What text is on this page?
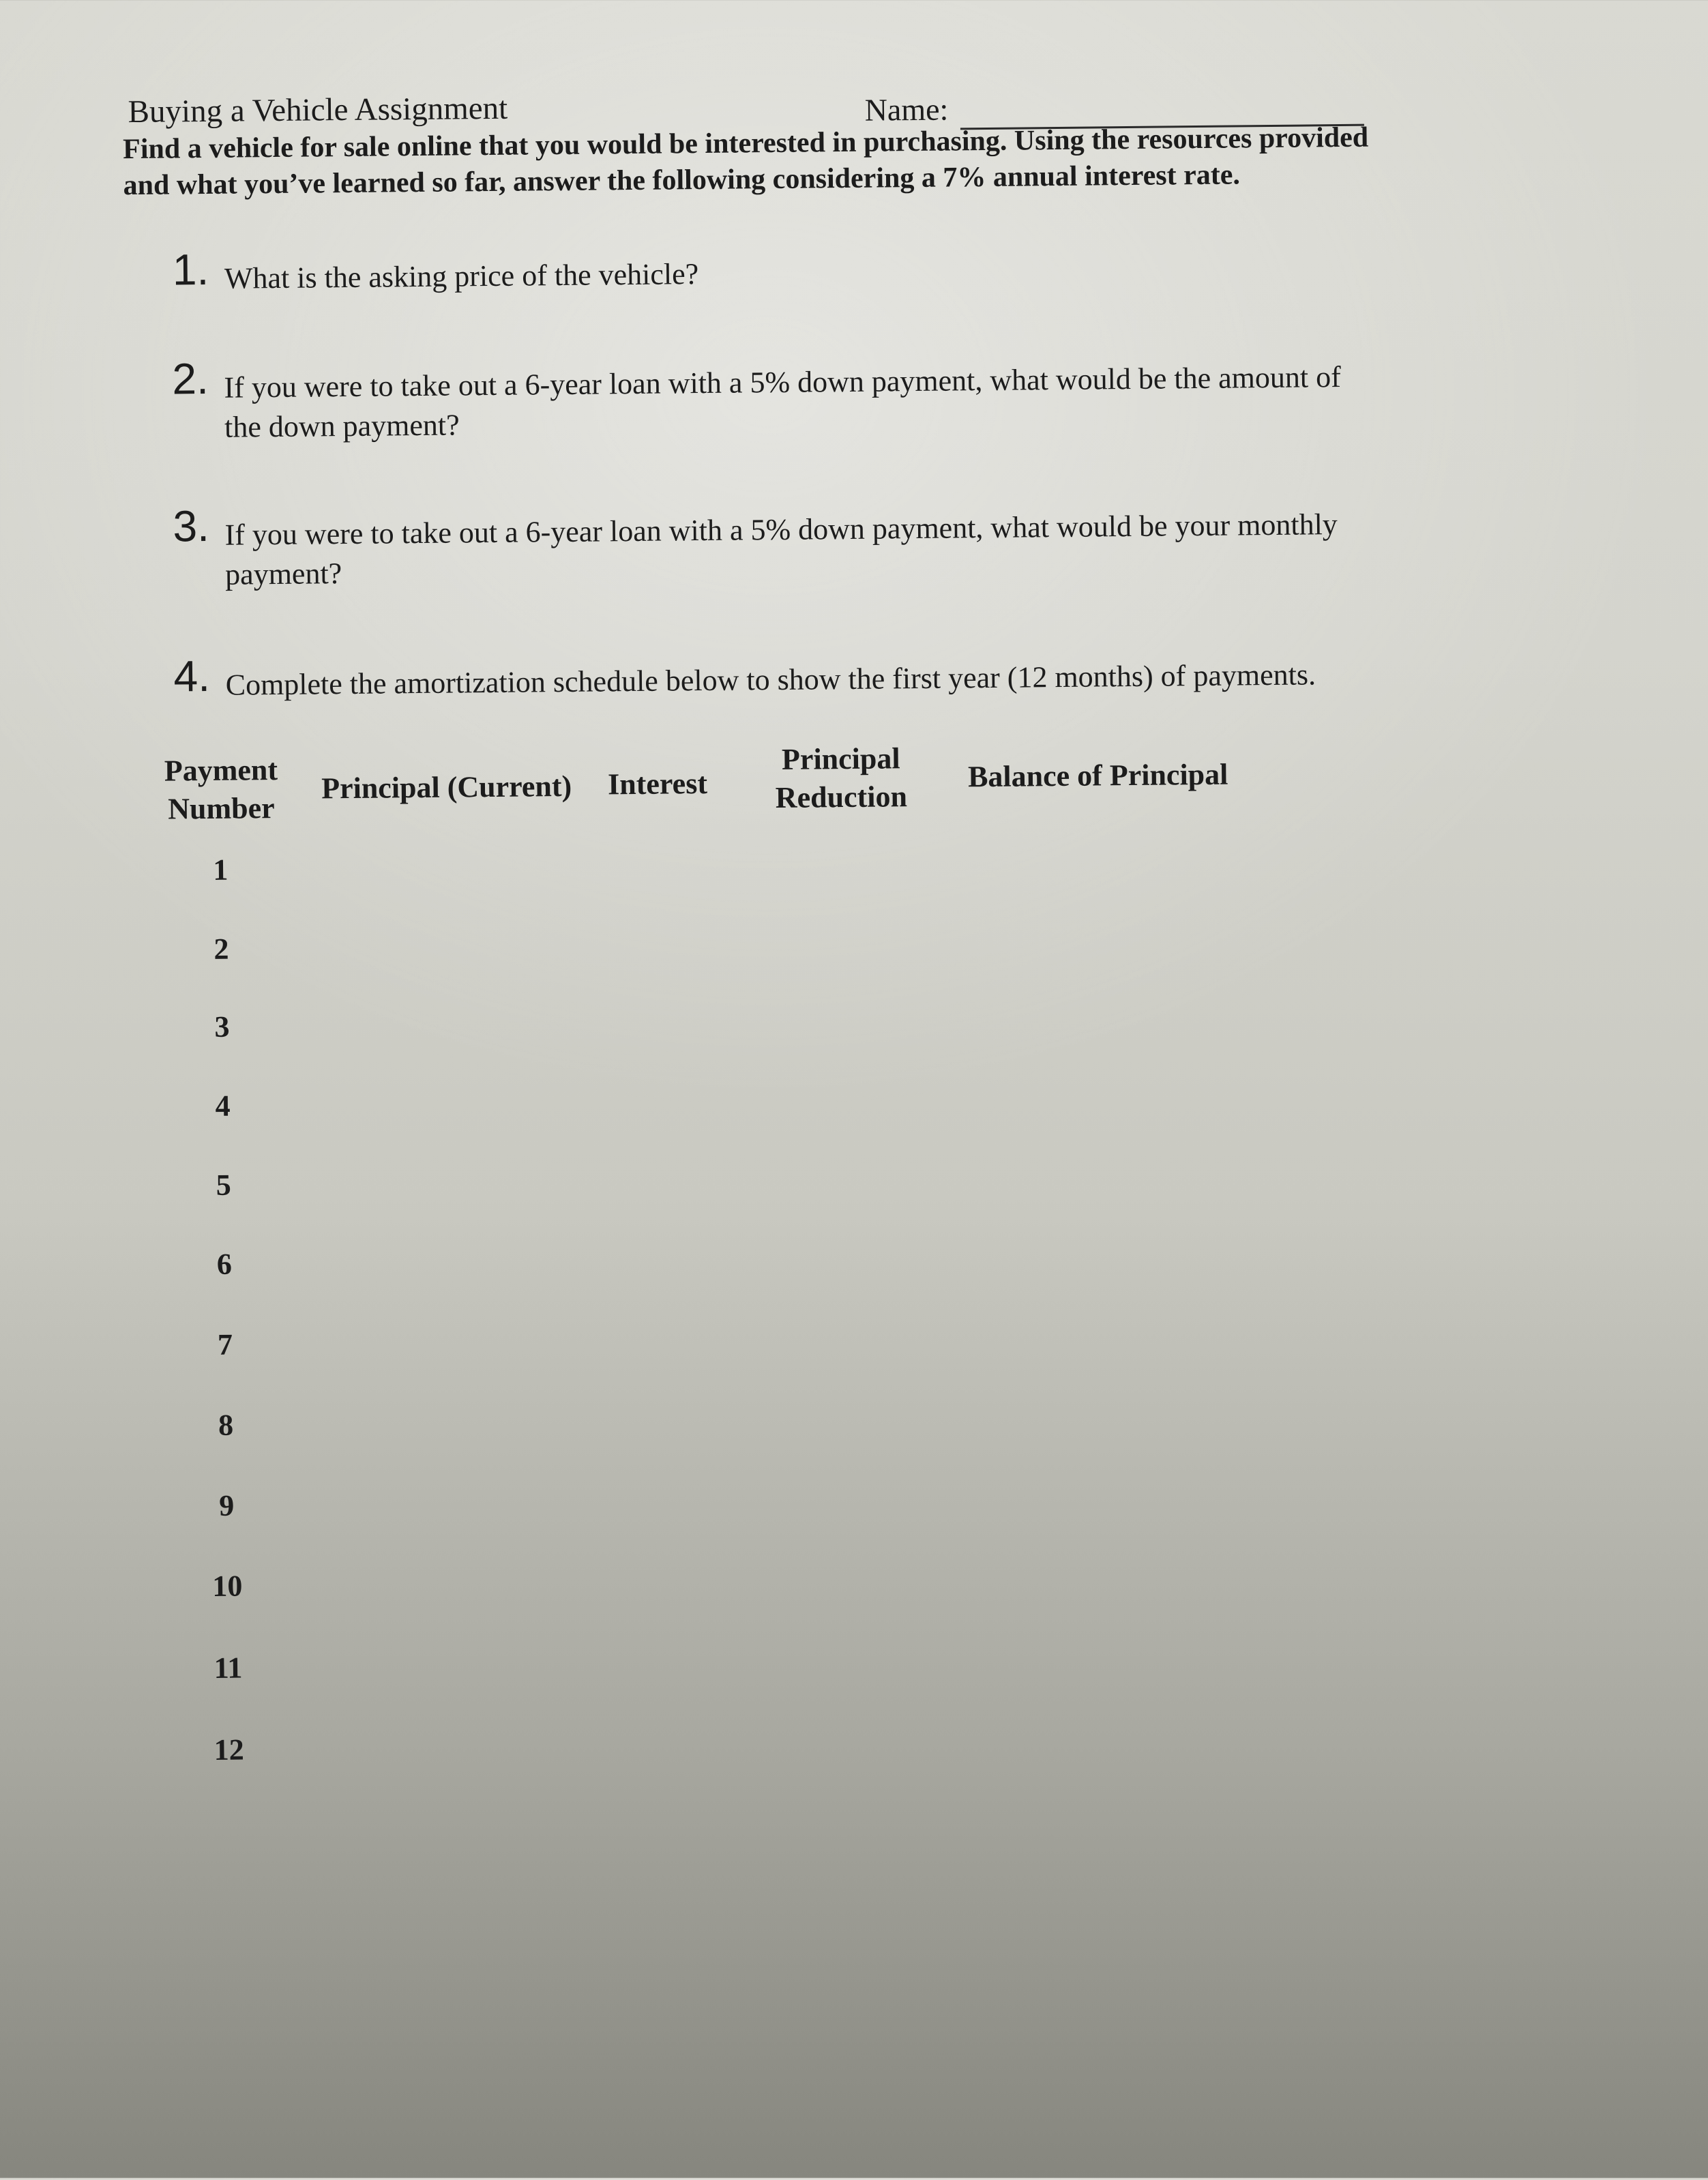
Buying a Vehicle Assignment	Name:
Find a vehicle for sale online that you would be interested in purchasing. Using the resources provided and what you’ve learned so far, answer the following considering a 7% annual interest rate.
1. What is the asking price of the vehicle?
2. If you were to take out a 6-year loan with a 5% down payment, what would be the amount of the down payment?
3. If you were to take out a 6-year loan with a 5% down payment, what would be your monthly payment?
4. Complete the amortization schedule below to show the first year (12 months) of payments.
Payment Number
Principal (Current) Interest
Principal Reduction
Balance of Principal
1
2
3
4
5
6
7
8
9
10
11
12
